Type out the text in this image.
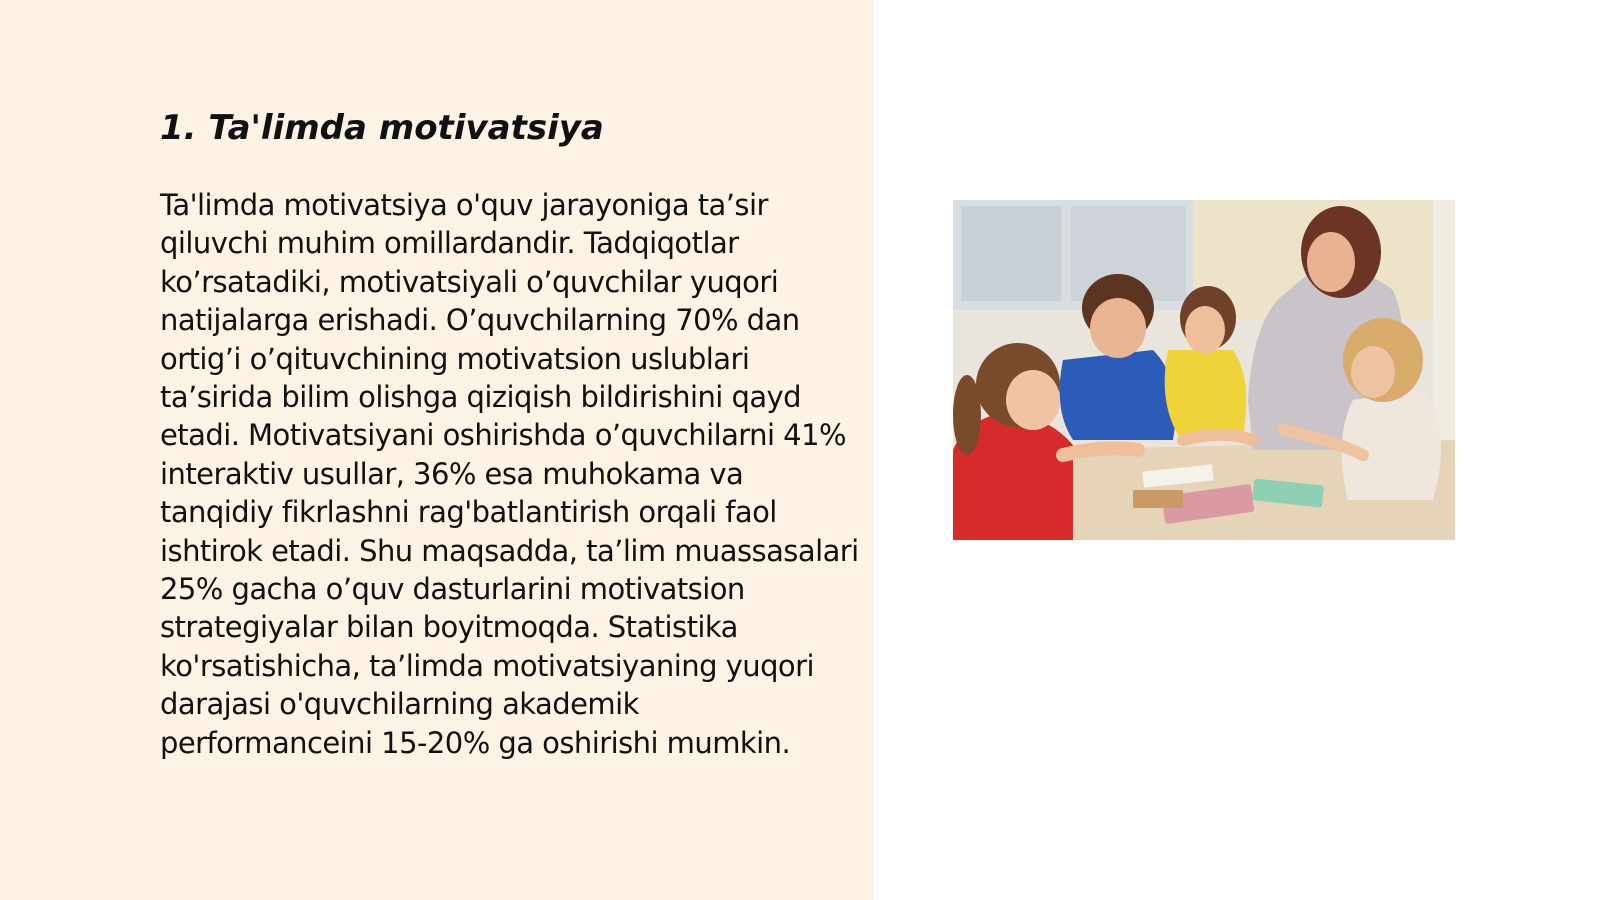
1. Ta'limda motivatsiya

Ta'limda motivatsiya o'quv jarayoniga ta’sir qiluvchi muhim omillardandir. Tadqiqotlar ko’rsatadiki, motivatsiyali o’quvchilar yuqori natijalarga erishadi. O’quvchilarning 70% dan ortig’i o’qituvchining motivatsion uslublari ta’sirida bilim olishga qiziqish bildirishini qayd etadi. Motivatsiyani oshirishda o’quvchilarni 41% interaktiv usullar, 36% esa muhokama va tanqidiy fikrlashni rag'batlantirish orqali faol ishtirok etadi. Shu maqsadda, ta’lim muassasalari 25% gacha o’quv dasturlarini motivatsion strategiyalar bilan boyitmoqda. Statistika ko'rsatishicha, ta’limda motivatsiyaning yuqori darajasi o'quvchilarning akademik performanceini 15-20% ga oshirishi mumkin.
